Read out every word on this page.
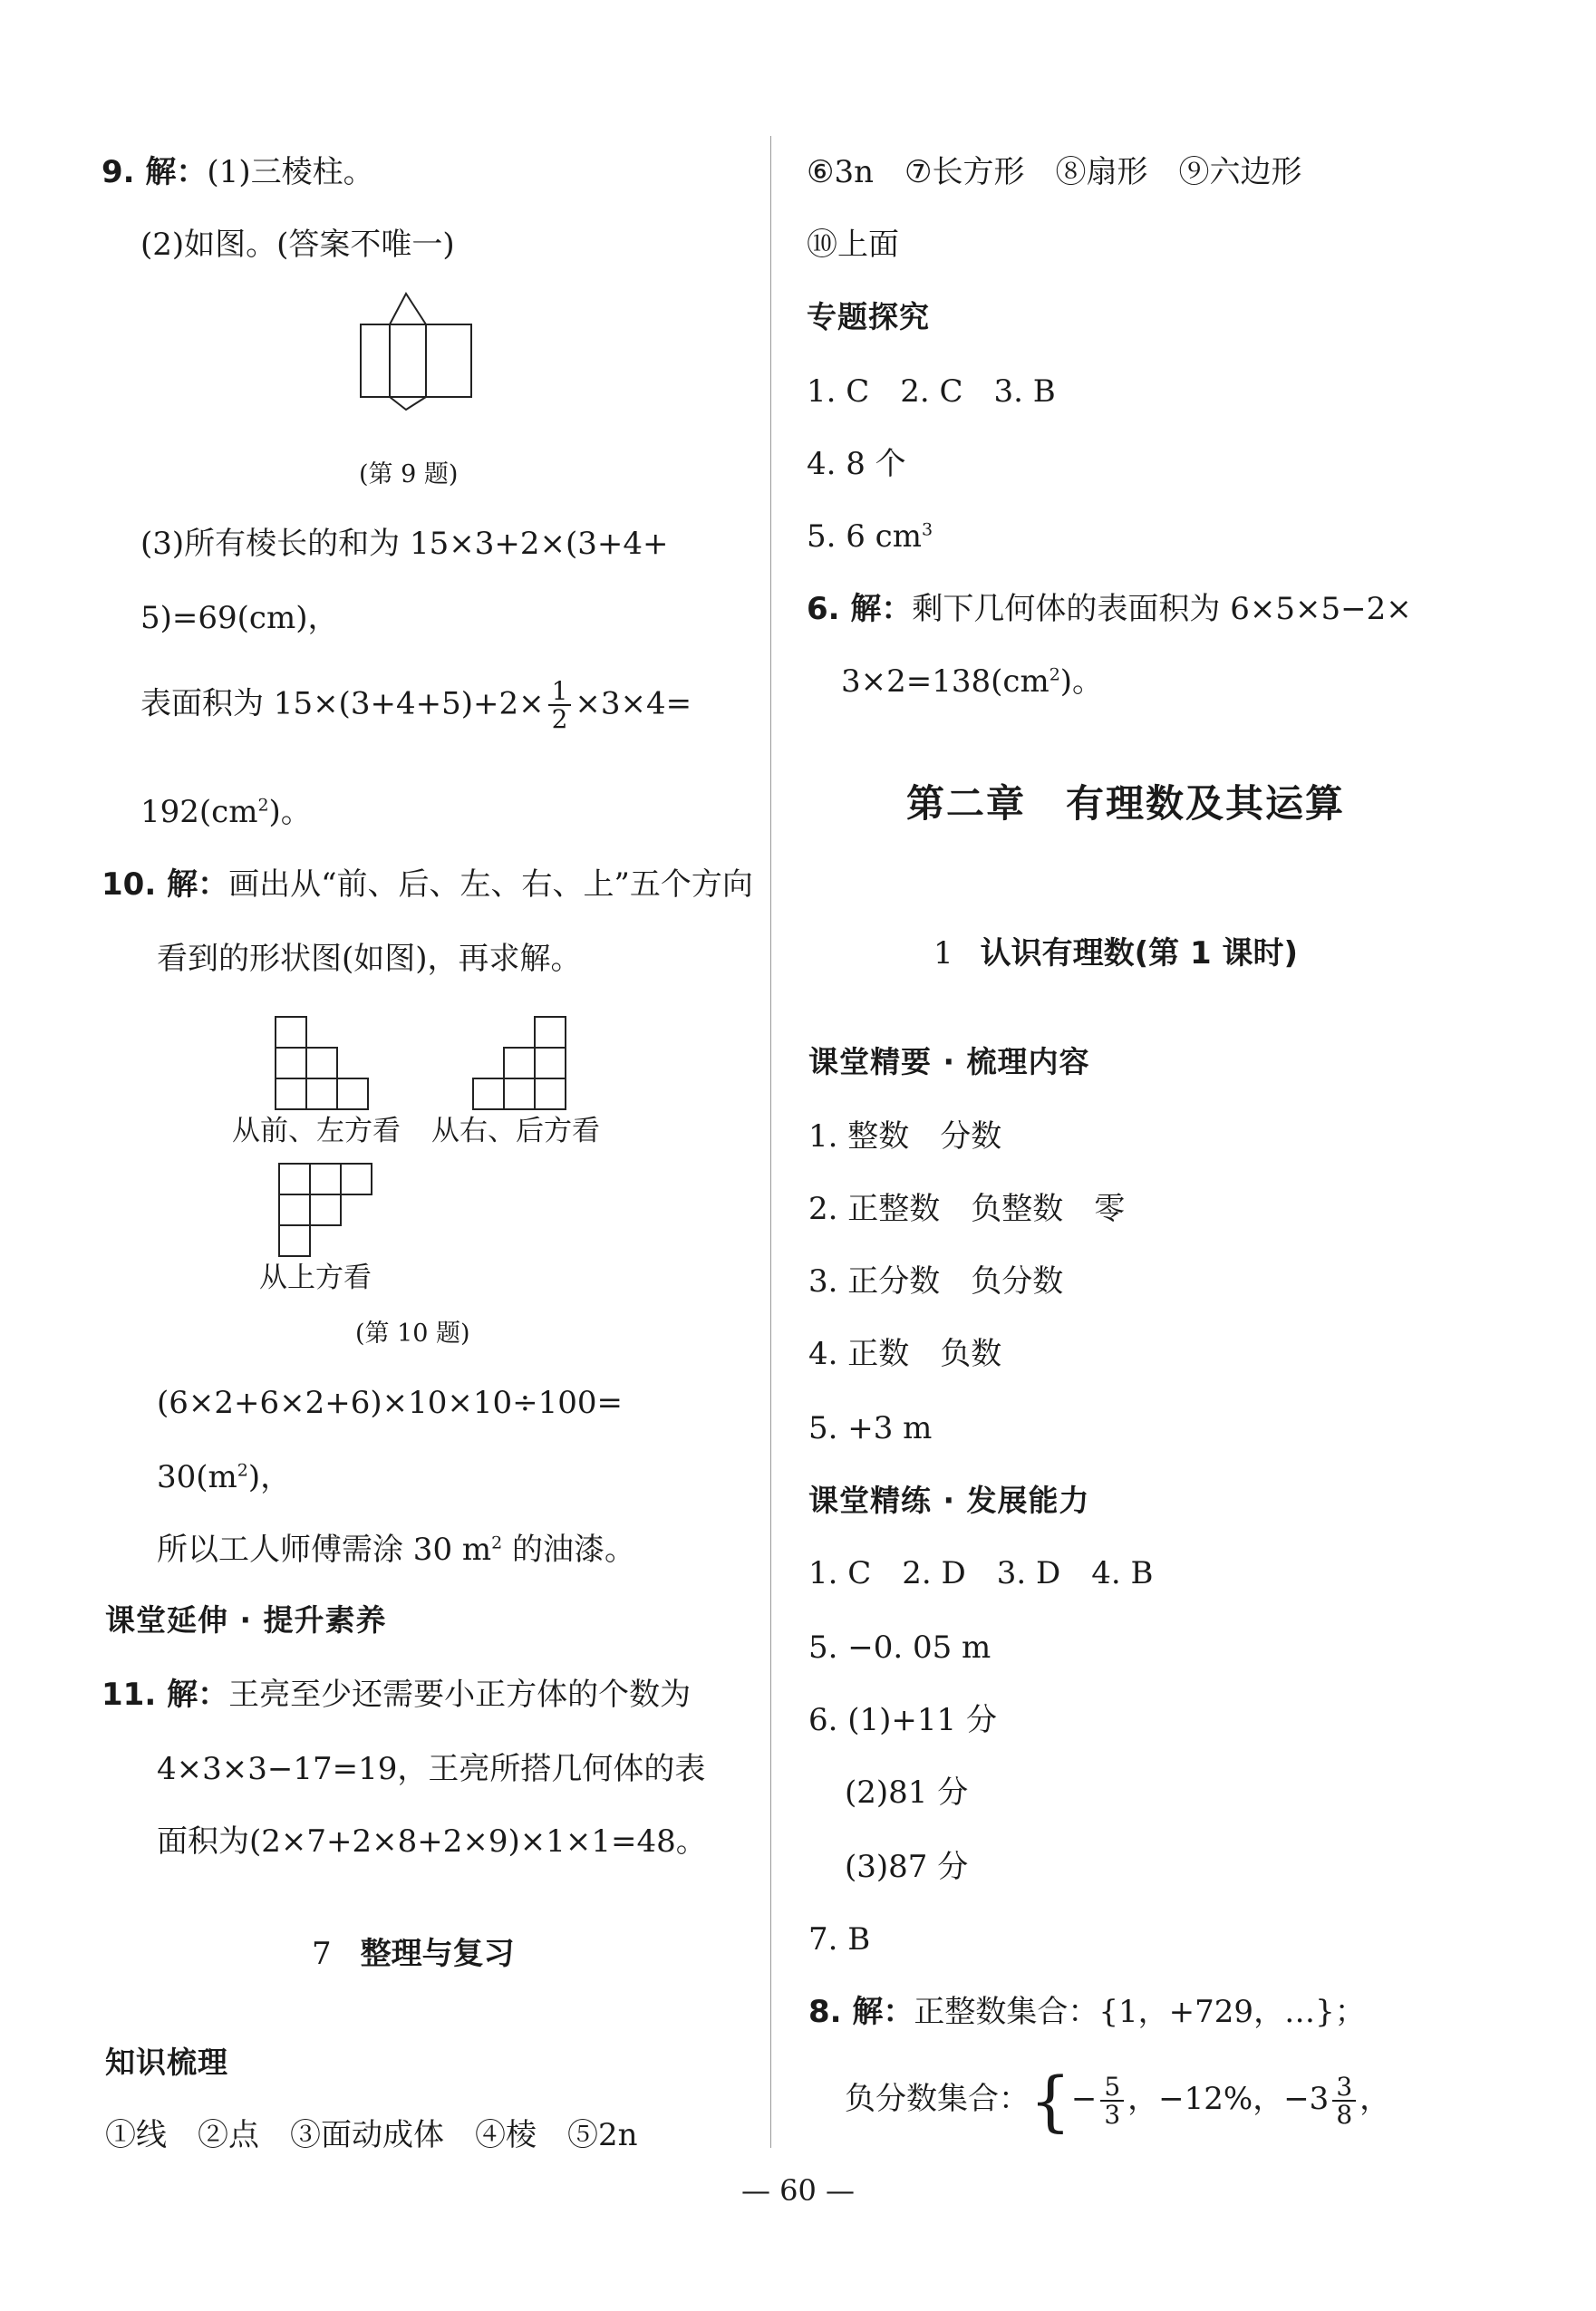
9. 解：(1)三棱柱。
(2)如图。(答案不唯一)
(第 9 题)
(3)所有棱长的和为 15×3+2×(3+4+
5)=69(cm)，
表面积为 $15\times(3+4+5)+2\times \frac{1}{2} \times 3\times 4=$
$192(cm^2)$。
10. 解：画出从“前、后、左、右、上”五个方向
看到的形状图(如图)，再求解。
从前、左方看 从右、后方看
从上方看
(第 10 题)
(6×2+6×2+6)×10×10÷100=
$30(m^2)$，
所以工人师傅需涂 30 $m^2$ 的油漆。
课堂延伸 · 提升素养
11. 解：王亮至少还需要小正方体的个数为
4×3×3−17=19，王亮所搭几何体的表
面积为(2×7+2×8+2×9)×1×1=48。
7 整理与复习
知识梳理
①线　②点　③面动成体　④棱　⑤2n
⑥3n　⑦长方形　⑧扇形　⑨六边形
⑩上面
专题探究
1. C　2. C　3. B
4. 8 个
5. 6 $cm^3$
6. 解：剩下几何体的表面积为 6×5×5−2×
$3\times 2=138(cm^2)$。
第二章　有理数及其运算
1 认识有理数(第 1 课时)
课堂精要 · 梳理内容
1. 整数　分数
2. 正整数　负整数　零
3. 正分数　负分数
4. 正数　负数
5. +3 m
课堂精练 · 发展能力
1. C　2. D　3. D　4. B
5. −0. 05 m
6. (1)+11 分
(2)81 分
(3)87 分
7. B
8. 解：正整数集合：{1，+729，…}；
负分数集合：{− $\frac{5}{3}$ ，−12%，$-3 \frac{3}{8}$ ，
— 60 —
